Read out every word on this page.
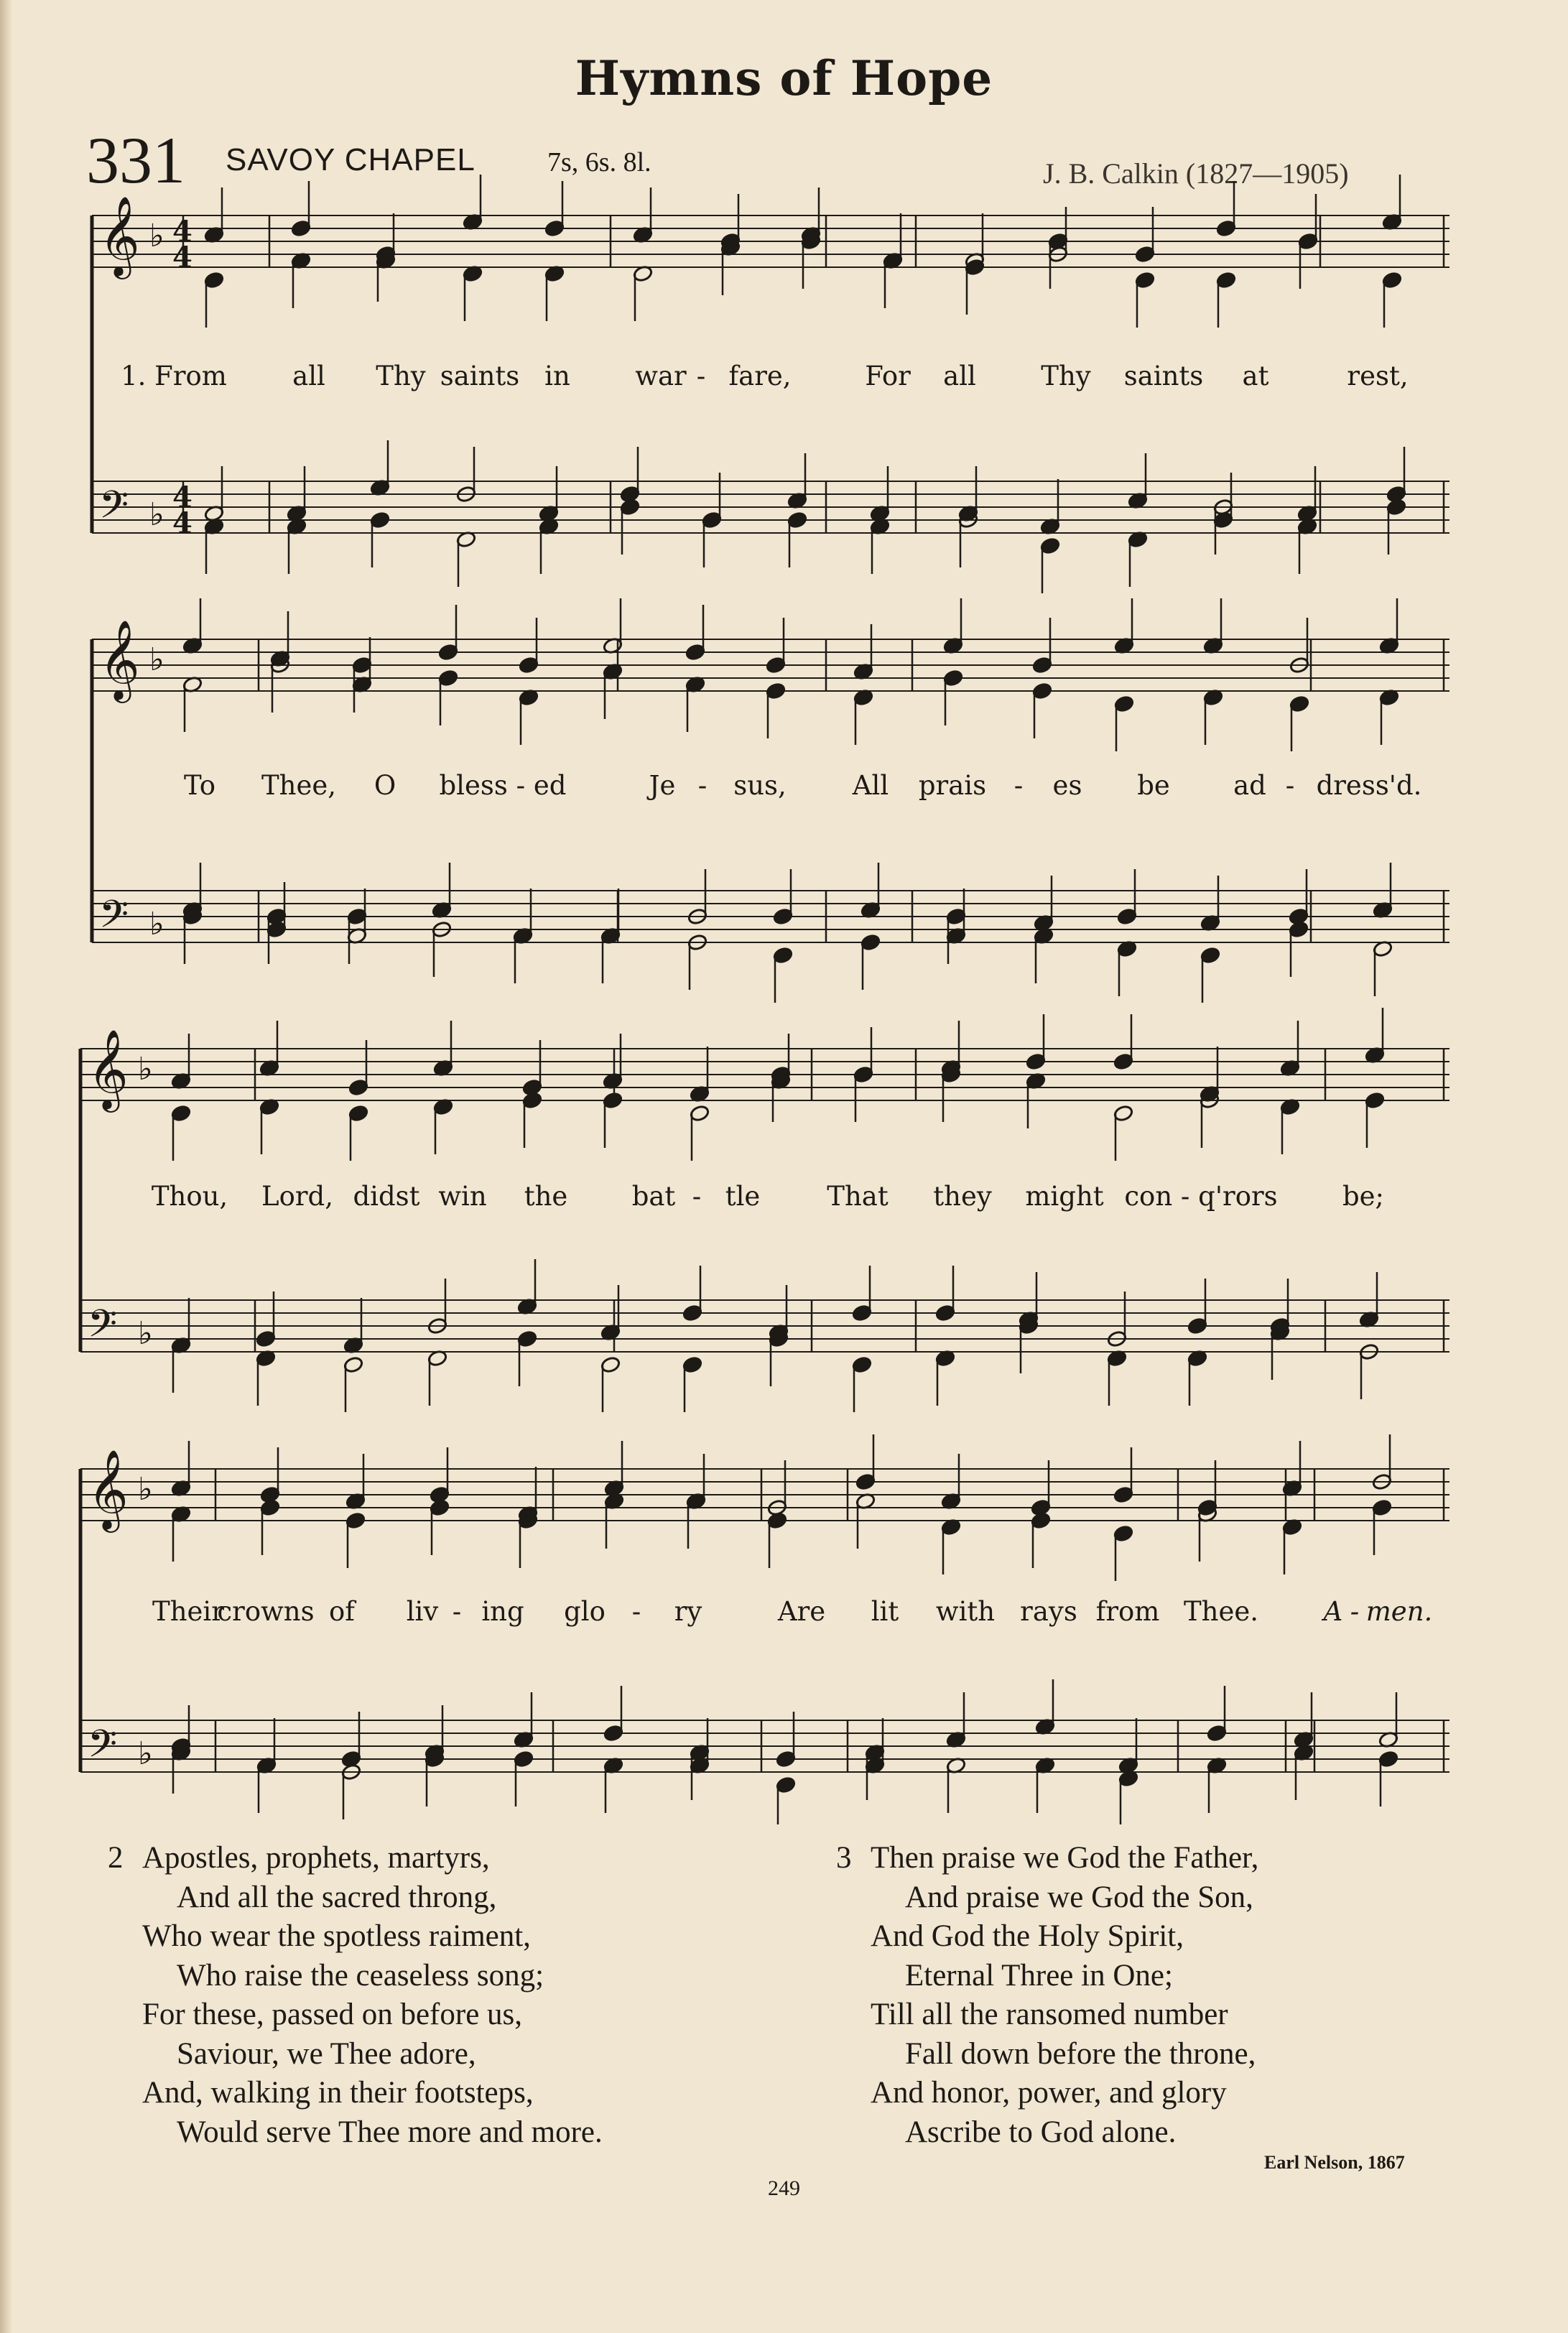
Hymns of Hope
331 SAVOY CHAPEL	7s, 6s. 8l.	J. B. Calkin (1827—1905)
𝄞 ♭ 4
4
𝄢 ♭ 4
4
𝄞 ♭
𝄢 ♭
𝄞 ♭
𝄢 ♭
𝄞 ♭
𝄢 ♭
1. From all Thy saints in war - fare,	For all Thy saints at	rest,
To Thee, O bless - ed	Je - sus, All prais - es be ad - dress'd.
Thou, Lord, didst win the bat - tle	That they might con - q'rors be;
Their
crowns of liv - ing glo - ry	Are lit with rays from Thee. A - men.
2 Apostles, prophets, martyrs,
And all the sacred throng,
Who wear the spotless raiment,
Who raise the ceaseless song;
For these, passed on before us,
Saviour, we Thee adore,
And, walking in their footsteps,
Would serve Thee more and more.
3 Then praise we God the Father,
And praise we God the Son,
And God the Holy Spirit,
Eternal Three in One;
Till all the ransomed number
Fall down before the throne,
And honor, power, and glory
Ascribe to God alone.
Earl Nelson, 1867
249
